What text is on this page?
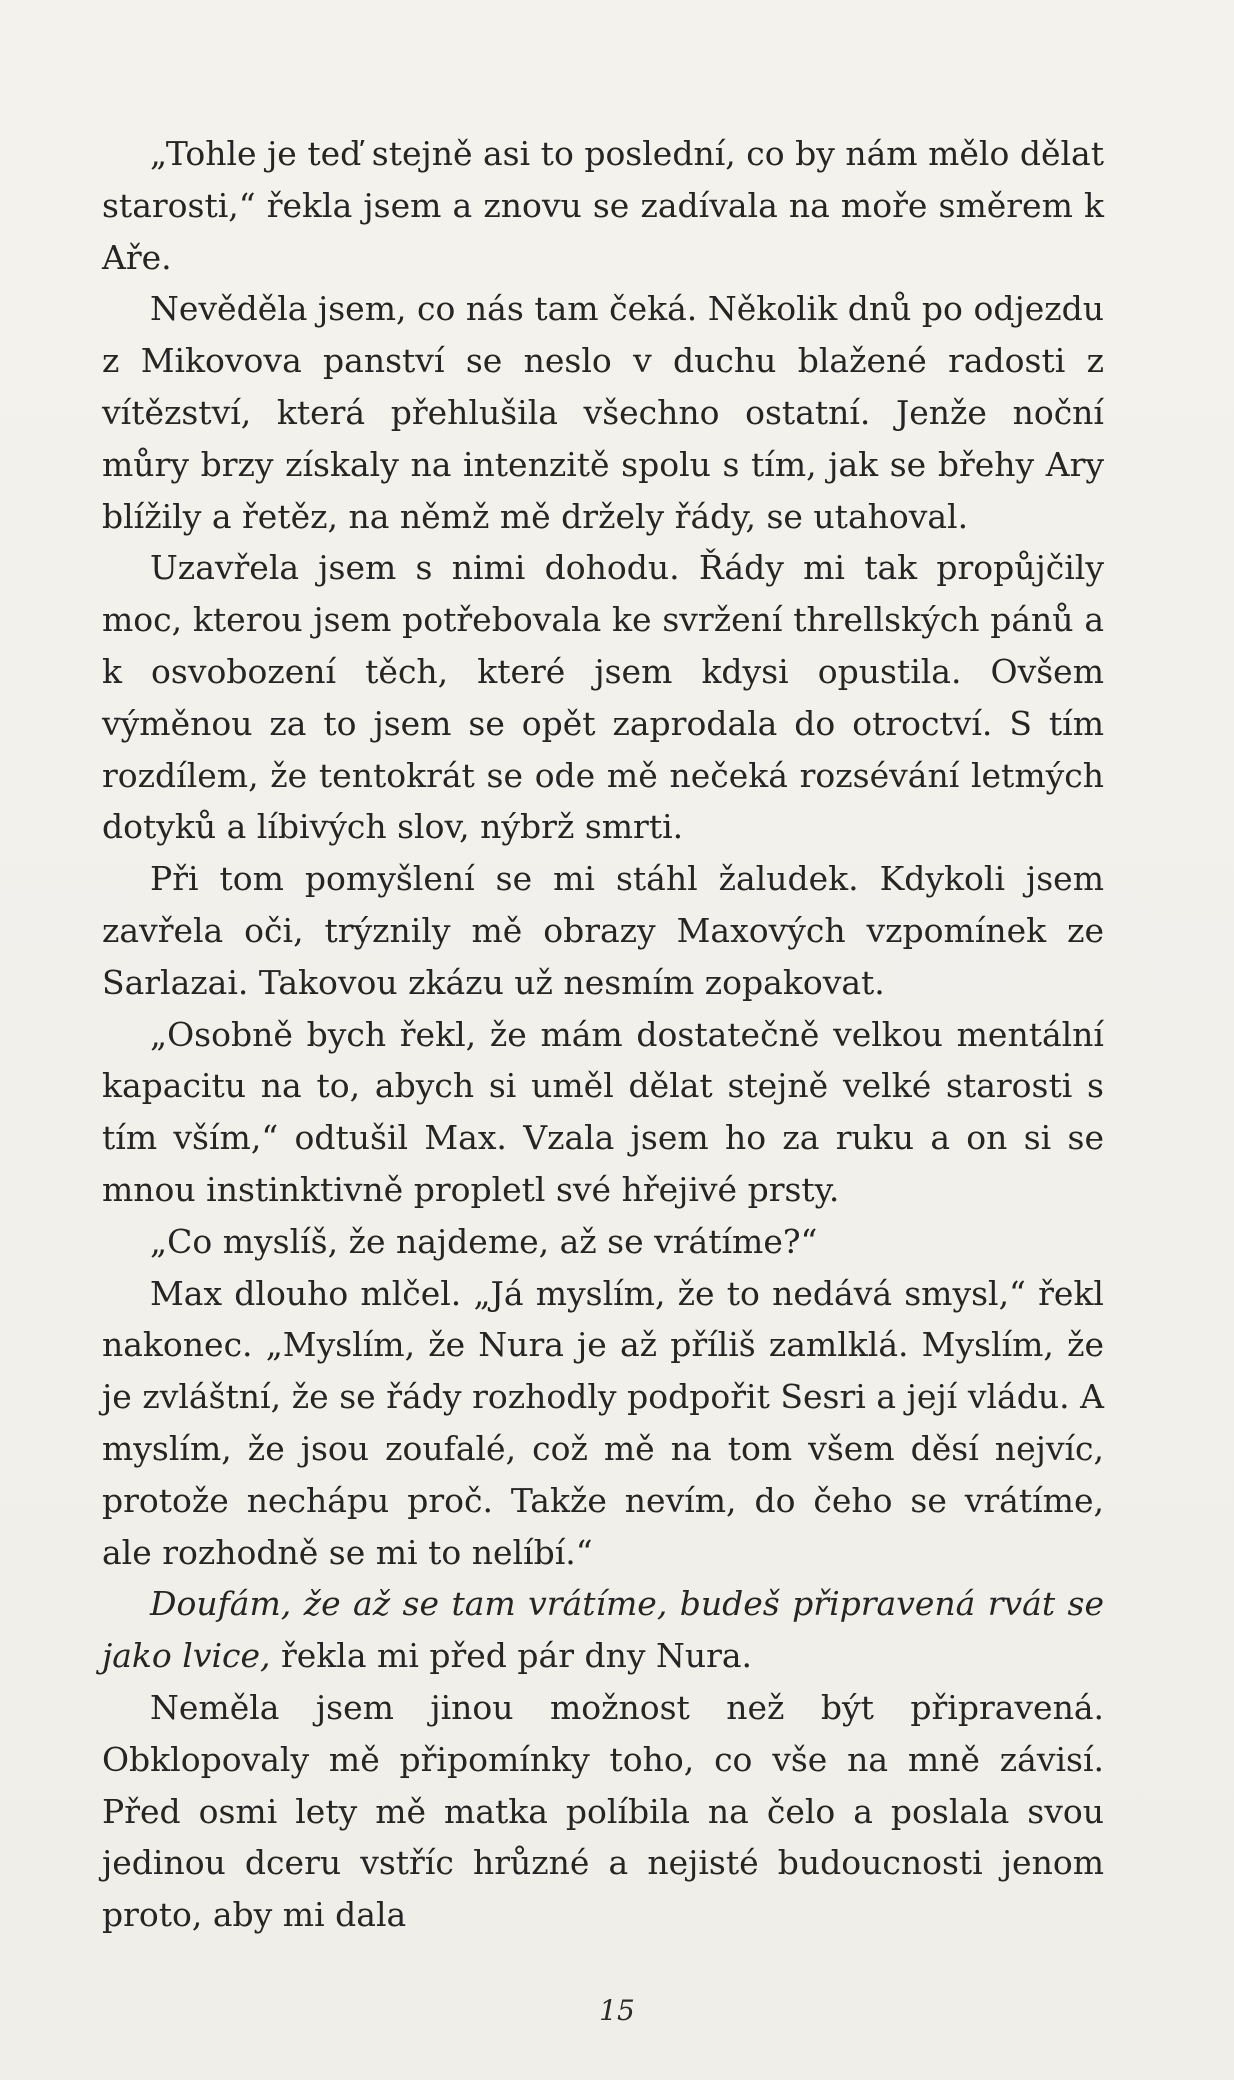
„Tohle je teď stejně asi to poslední, co by nám mělo dělat starosti,“ řekla jsem a znovu se zadívala na moře směrem k Aře.

Nevěděla jsem, co nás tam čeká. Několik dnů po odjezdu z Mikovova panství se neslo v duchu blažené radosti z vítězství, která přehlušila všechno ostatní. Jenže noční můry brzy získaly na intenzitě spolu s tím, jak se břehy Ary blížily a řetěz, na němž mě držely řády, se utahoval.

Uzavřela jsem s nimi dohodu. Řády mi tak propůjčily moc, kterou jsem potřebovala ke svržení threllských pánů a k osvobození těch, které jsem kdysi opustila. Ovšem výměnou za to jsem se opět zaprodala do otroctví. S tím rozdílem, že tentokrát se ode mě nečeká rozsévání letmých dotyků a líbivých slov, nýbrž smrti.

Při tom pomyšlení se mi stáhl žaludek. Kdykoli jsem zavřela oči, trýznily mě obrazy Maxových vzpomínek ze Sarlazai. Takovou zkázu už nesmím zopakovat.

„Osobně bych řekl, že mám dostatečně velkou mentální kapacitu na to, abych si uměl dělat stejně velké starosti s tím vším,“ odtušil Max. Vzala jsem ho za ruku a on si se mnou instinktivně propletl své hřejivé prsty.

„Co myslíš, že najdeme, až se vrátíme?“

Max dlouho mlčel. „Já myslím, že to nedává smysl,“ řekl nakonec. „Myslím, že Nura je až příliš zamlklá. Myslím, že je zvláštní, že se řády rozhodly podpořit Sesri a její vládu. A myslím, že jsou zoufalé, což mě na tom všem děsí nejvíc, protože nechápu proč. Takže nevím, do čeho se vrátíme, ale rozhodně se mi to nelíbí.“

Doufám, že až se tam vrátíme, budeš připravená rvát se jako lvice, řekla mi před pár dny Nura.

Neměla jsem jinou možnost než být připravená. Obklopovaly mě připomínky toho, co vše na mně závisí. Před osmi lety mě matka políbila na čelo a poslala svou jedinou dceru vstříc hrůzné a nejisté budoucnosti jenom proto, aby mi dala

15
